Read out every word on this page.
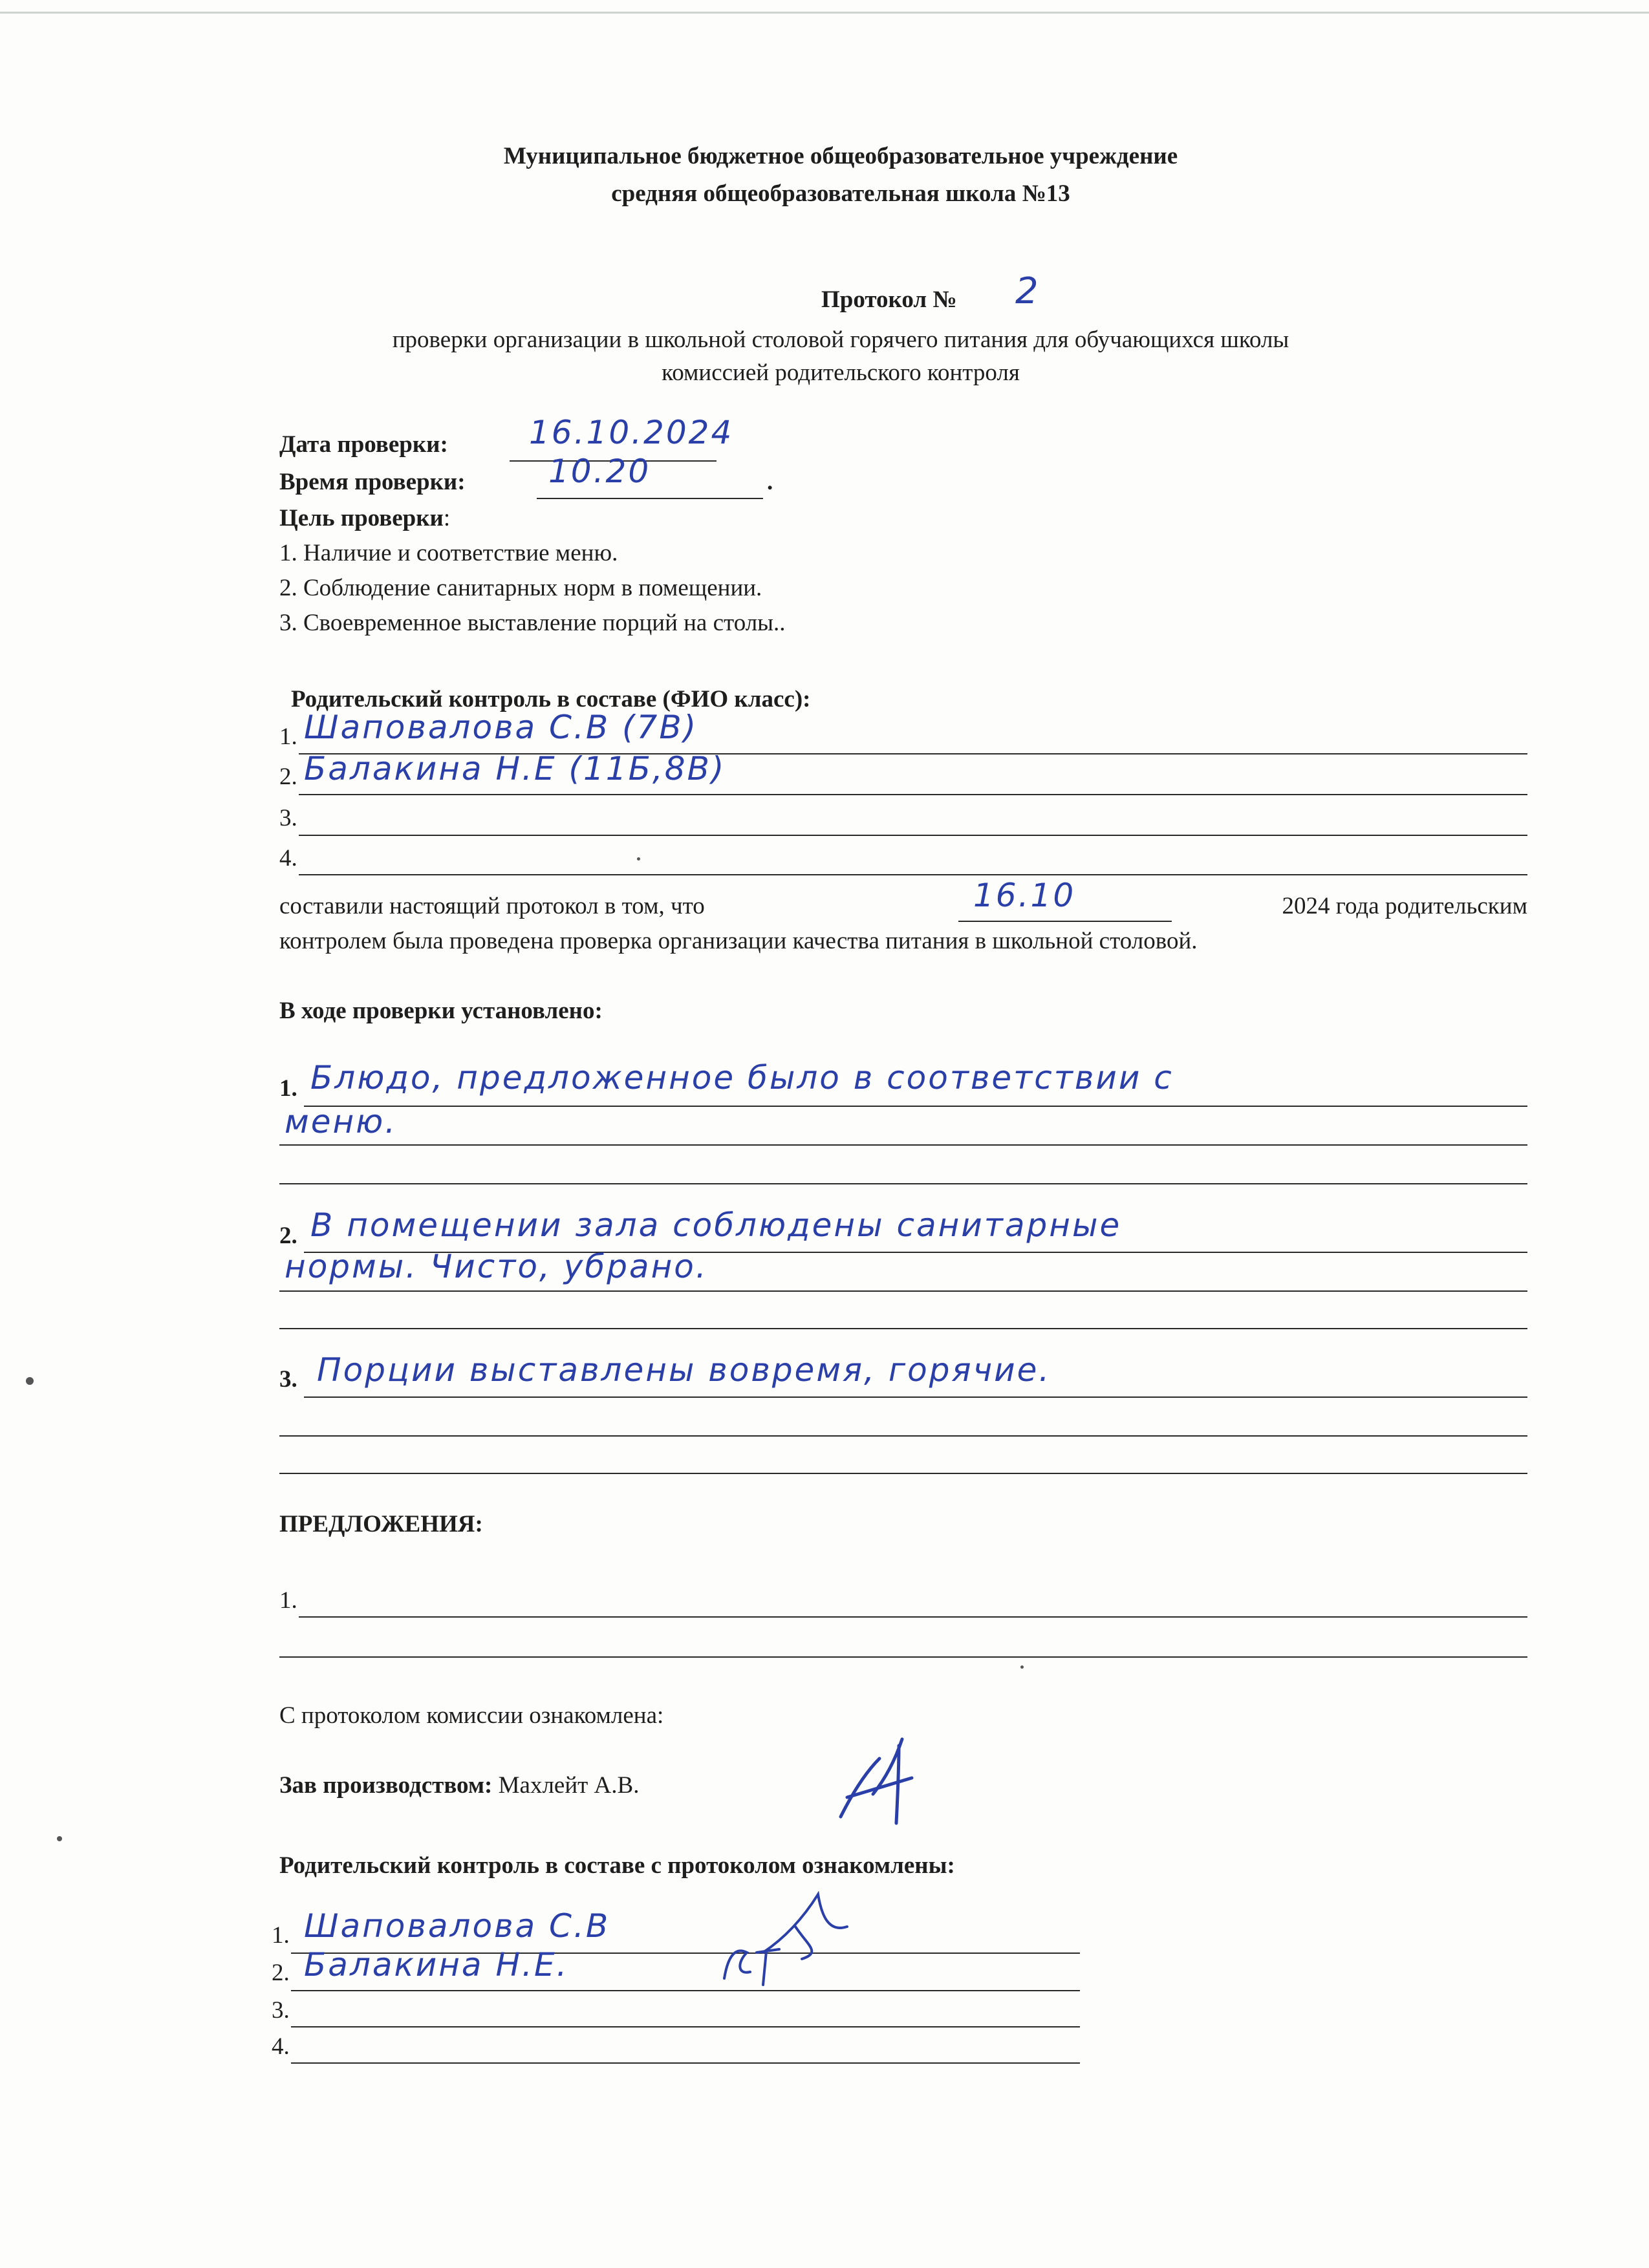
Муниципальное бюджетное общеобразовательное учреждение
средняя общеобразовательная школа №13
Протокол № 2
проверки организации в школьной столовой горячего питания для обучающихся школы
комиссией родительского контроля
Дата проверки:	16.10.2024
Время проверки:	10.20	.
Цель проверки:
1. Наличие и соответствие меню.
2. Соблюдение санитарных норм в помещении.
3. Своевременное выставление порций на столы..
Родительский контроль в составе (ФИО класс):
1. Шаповалова С.В (7В)
2. Балакина Н.Е (11Б,8В)
3.
4.
составили настоящий протокол в том, что	2024 года родительским
16.10
контролем была проведена проверка организации качества питания в школьной столовой.
В ходе проверки установлено:
1. Блюдо, предложенное было в соответствии с
меню.
2. В помещении зала соблюдены санитарные
нормы. Чисто, убрано.
3. Порции выставлены вовремя, горячие.
ПРЕДЛОЖЕНИЯ:
1.
С протоколом комиссии ознакомлена:
Зав производством: Махлейт А.В.
Родительский контроль в составе с протоколом ознакомлены:
1. Шаповалова С.В
2. Балакина Н.Е.
3.
4.
